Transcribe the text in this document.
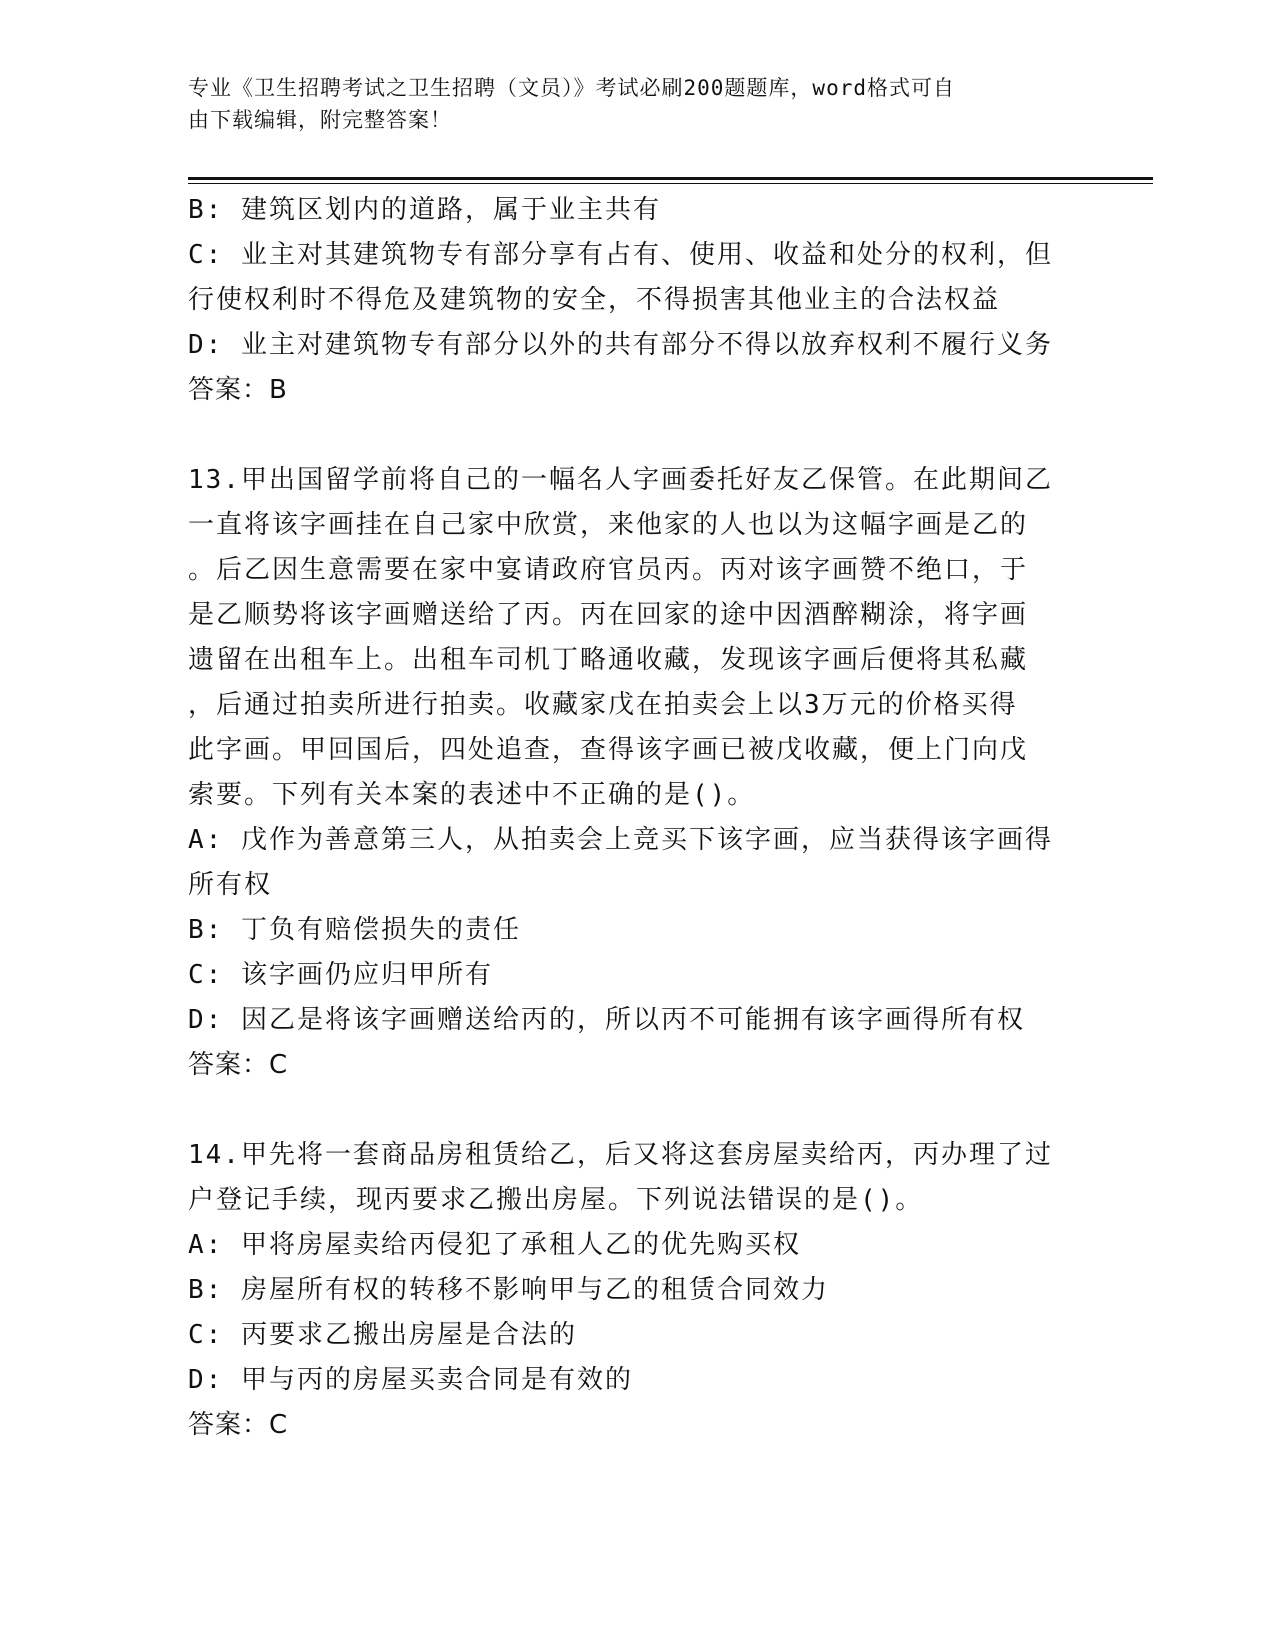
专业《卫生招聘考试之卫生招聘（文员）》考试必刷200题题库，word格式可自
由下载编辑，附完整答案！
B: 建筑区划内的道路，属于业主共有
C: 业主对其建筑物专有部分享有占有、使用、收益和处分的权利，但
行使权利时不得危及建筑物的安全，不得损害其他业主的合法权益
D: 业主对建筑物专有部分以外的共有部分不得以放弃权利不履行义务
答案：B
13.甲出国留学前将自己的一幅名人字画委托好友乙保管。在此期间乙
一直将该字画挂在自己家中欣赏，来他家的人也以为这幅字画是乙的
。后乙因生意需要在家中宴请政府官员丙。丙对该字画赞不绝口，于
是乙顺势将该字画赠送给了丙。丙在回家的途中因酒醉糊涂，将字画
遗留在出租车上。出租车司机丁略通收藏，发现该字画后便将其私藏
，后通过拍卖所进行拍卖。收藏家戊在拍卖会上以3万元的价格买得
此字画。甲回国后，四处追查，查得该字画已被戊收藏，便上门向戊
索要。下列有关本案的表述中不正确的是()。
A: 戊作为善意第三人，从拍卖会上竞买下该字画，应当获得该字画得
所有权
B: 丁负有赔偿损失的责任
C: 该字画仍应归甲所有
D: 因乙是将该字画赠送给丙的，所以丙不可能拥有该字画得所有权
答案：C
14.甲先将一套商品房租赁给乙，后又将这套房屋卖给丙，丙办理了过
户登记手续，现丙要求乙搬出房屋。下列说法错误的是()。
A: 甲将房屋卖给丙侵犯了承租人乙的优先购买权
B: 房屋所有权的转移不影响甲与乙的租赁合同效力
C: 丙要求乙搬出房屋是合法的
D: 甲与丙的房屋买卖合同是有效的
答案：C
